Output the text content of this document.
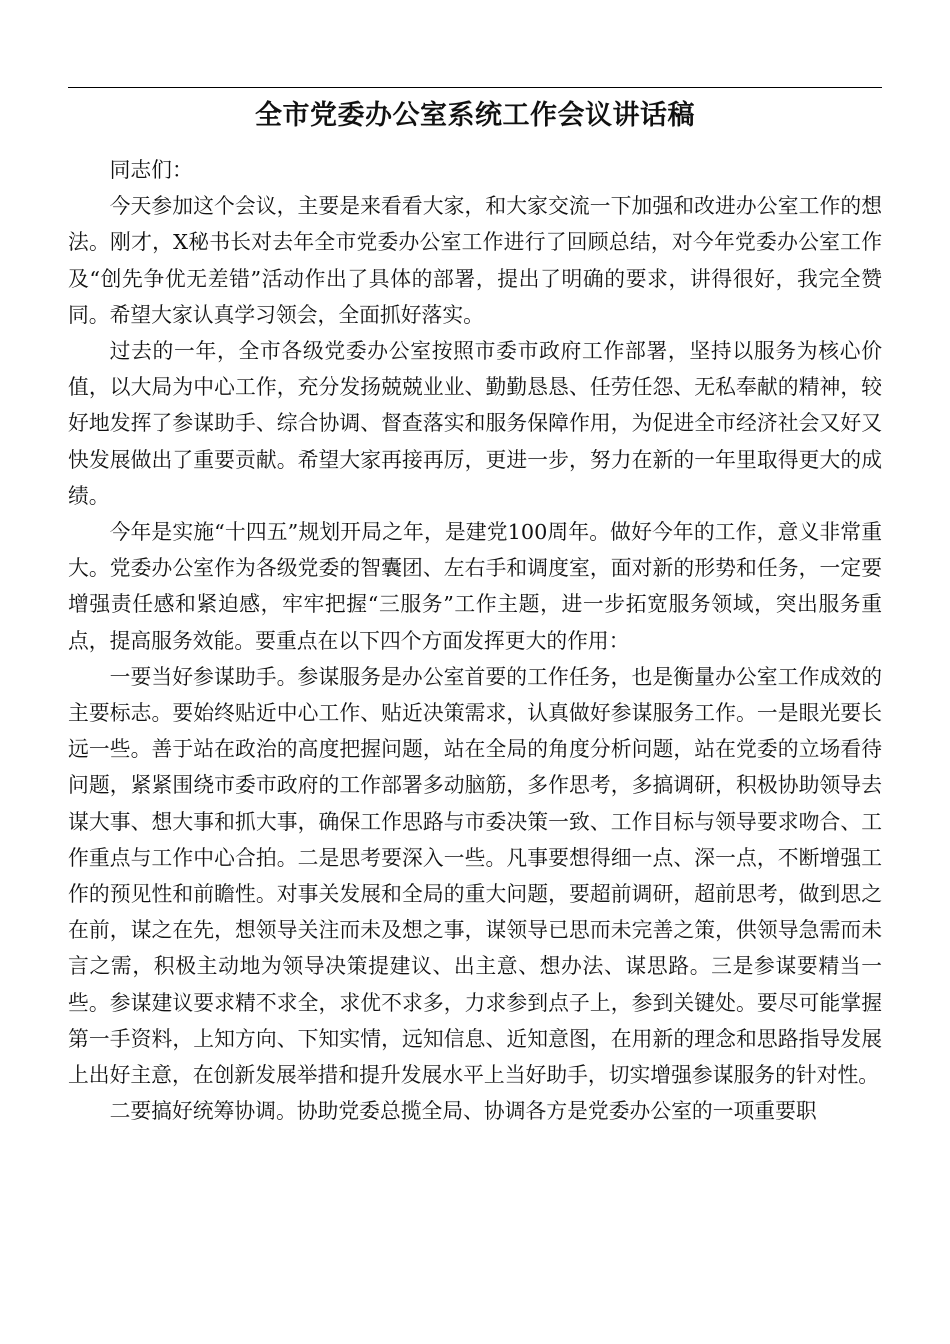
全市党委办公室系统工作会议讲话稿

同志们：

今天参加这个会议，主要是来看看大家，和大家交流一下加强和改进办公室工作的想法。刚才，X秘书长对去年全市党委办公室工作进行了回顾总结，对今年党委办公室工作及“创先争优无差错”活动作出了具体的部署，提出了明确的要求，讲得很好，我完全赞同。希望大家认真学习领会，全面抓好落实。

过去的一年，全市各级党委办公室按照市委市政府工作部署，坚持以服务为核心价值，以大局为中心工作，充分发扬兢兢业业、勤勤恳恳、任劳任怨、无私奉献的精神，较好地发挥了参谋助手、综合协调、督查落实和服务保障作用，为促进全市经济社会又好又快发展做出了重要贡献。希望大家再接再厉，更进一步，努力在新的一年里取得更大的成绩。

今年是实施“十四五”规划开局之年，是建党100周年。做好今年的工作，意义非常重大。党委办公室作为各级党委的智囊团、左右手和调度室，面对新的形势和任务，一定要增强责任感和紧迫感，牢牢把握“三服务”工作主题，进一步拓宽服务领域，突出服务重点，提高服务效能。要重点在以下四个方面发挥更大的作用：

一要当好参谋助手。参谋服务是办公室首要的工作任务，也是衡量办公室工作成效的主要标志。要始终贴近中心工作、贴近决策需求，认真做好参谋服务工作。一是眼光要长远一些。善于站在政治的高度把握问题，站在全局的角度分析问题，站在党委的立场看待问题，紧紧围绕市委市政府的工作部署多动脑筋，多作思考，多搞调研，积极协助领导去谋大事、想大事和抓大事，确保工作思路与市委决策一致、工作目标与领导要求吻合、工作重点与工作中心合拍。二是思考要深入一些。凡事要想得细一点、深一点，不断增强工作的预见性和前瞻性。对事关发展和全局的重大问题，要超前调研，超前思考，做到思之在前，谋之在先，想领导关注而未及想之事，谋领导已思而未完善之策，供领导急需而未言之需，积极主动地为领导决策提建议、出主意、想办法、谋思路。三是参谋要精当一些。参谋建议要求精不求全，求优不求多，力求参到点子上，参到关键处。要尽可能掌握第一手资料，上知方向、下知实情，远知信息、近知意图，在用新的理念和思路指导发展上出好主意，在创新发展举措和提升发展水平上当好助手，切实增强参谋服务的针对性。

二要搞好统筹协调。协助党委总揽全局、协调各方是党委办公室的一项重要职
